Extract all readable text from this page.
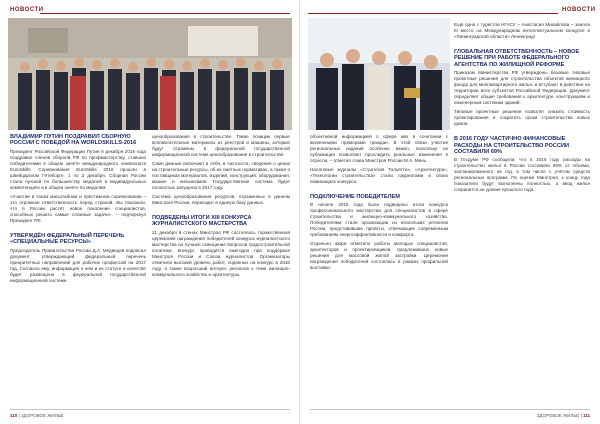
НОВОСТИ
ВЛАДИМИР ПУТИН ПОЗДРАВИЛ СБОРНУЮ РОССИИ С ПОБЕДОЙ НА WORLDSKILLS-2016

Президент Российской Федерации Путин 6 декабря 2016 года поздравил членов сборной РФ по профмастерству, ставших победителями в общем зачёте международного чемпионата EuroSkills. Соревнования EuroSkills 2016 прошли в швейцарском Гётеборге. 1 по 3 декабря. Сборная России стала лучшей по большинству медалей в индивидуальных компетенциях и в общем зачёте по медалям.

«Участие в таком масштабном и престижном соревновании – это огромная ответственность перед страной. Вы показали, что в России растёт новое поколение специалистов, способных решать самые сложные задачи», – подчеркнул Президент РФ.

УТВЕРЖДЁН ФЕДЕРАЛЬНЫЙ ПЕРЕЧЕНЬ «СПЕЦИАЛЬНЫЕ РЕСУРСЫ»

Председатель Правительства России Д.А. Медведев подписал документ, утверждающий федеральный перечень приоритетных направлений для рабочих профессий на 2017 год. Согласно ему, информация о нем и их статусе и качестве будет размещена в федеральной государственной информационной системе.

ценообразования в строительстве. Такие позиции первые вспомогательные материалы из реестров и машины, которые будут отражены в федеральной государственной информационной системе ценообразования в строительстве.

Сами данные включают в себя, в частности, сведения о ценах на строительные ресурсы, об их сметных нормативах, а также о поставщиках материалов, изделий, конструкций, оборудования, машин и механизмов. Государственная система будет полностью запущена в 2017 году.

Система ценообразования ресурсов, отраженных в данном Минстрое России, переходит в единую базу данных.

ПОДВЕДЕНЫ ИТОГИ XIII КОНКУРСА ЖУРНАЛИСТСКОГО МАСТЕРСТВА

21 декабря в стенах Минстроя РФ состоялась торжественная церемония награждения победителей конкурса журналистского мастерства на лучшее освещение вопросов градостроительной политики. Конкурс проводится ежегодно при поддержке Минстроя России и Союза журналистов. Организаторы отметили высокий уровень работ, поданных на конкурс в 2016 году, а также возросший интерес регионов к теме жилищно-коммунального хозяйства и архитектуры.

110 | ЗДОРОВОЕ ЖИЛЬЁ
НОВОСТИ

объективной информацией о сфере жкх в сочетании с жизненными примерами граждан. В этой связи участие региональных изданий особенно важно, поскольку их публикации позволяют проследить реальные изменения в отрасли, – отметил глава Минстроя России М.А. Мень.

Налоговые журналы «Стратегия Тольятти», «Архитектура», «Технологии строительства» стали лауреатами в своих номинациях конкурса.

ПОДКЛЮЧЕНИЕ ПОБЕДИТЕЛЕМ

В начале 2016 года были подведены итоги конкурса профессионального мастерства для специалистов в сфере строительства и жилищно-коммунального хозяйства. Победителями стали организации из нескольких регионов России, представившие проекты, отвечающие современным требованиям энергоэффективности и комфорта.

Отдельно жюри отметило работы молодых специалистов, архитекторов и проектировщиков, предложивших новые решения для массовой жилой застройки. Церемония награждения победителей состоялась в рамках профильной выставки.

Ещё одна с туристов НГАСУ – Анастасия Михайлова – заняла III место на Международном интеллектуальном конкурсе в «Ленинградской области» Ленинград!

ГЛОБАЛЬНАЯ ОТВЕТСТВЕННОСТЬ – НОВОЕ РЕШЕНИЕ ПРИ РАБОТЕ ФЕДЕРАЛЬНОГО АГЕНТСТВА ПО ЖИЛИЩНОЙ РЕФОРМЕ

Приказом Министерства РФ утверждены базовые типовые проектные решения для строительства объектов жилищного фонда для многоквартирного жилья, и вступают в действие на территории всех субъектов Российской Федерации. Документ определяет общие требования к архитектуре, конструкциям и инженерным системам зданий.

Типовые проектные решения позволят снизить стоимость проектирования и сократить сроки строительства новых домов.

В 2016 ГОДУ ЧАСТИЧНО ФИНАНСОВЫЕ РАСХОДЫ НА СТРОИТЕЛЬСТВО РОССИИ СОСТАВИЛИ 69%

В Госдуме РФ сообщили, что в 2016 году расходы на строительство жилья в России составили 69% от объёма, запланированного на год, в том числе с учётом средств региональных программ. По оценке Минстроя, к концу года показатели будут выполнены полностью, а ввод жилья сохранится на уровне прошлого года.

ЗДОРОВОЕ ЖИЛЬЁ | 111
